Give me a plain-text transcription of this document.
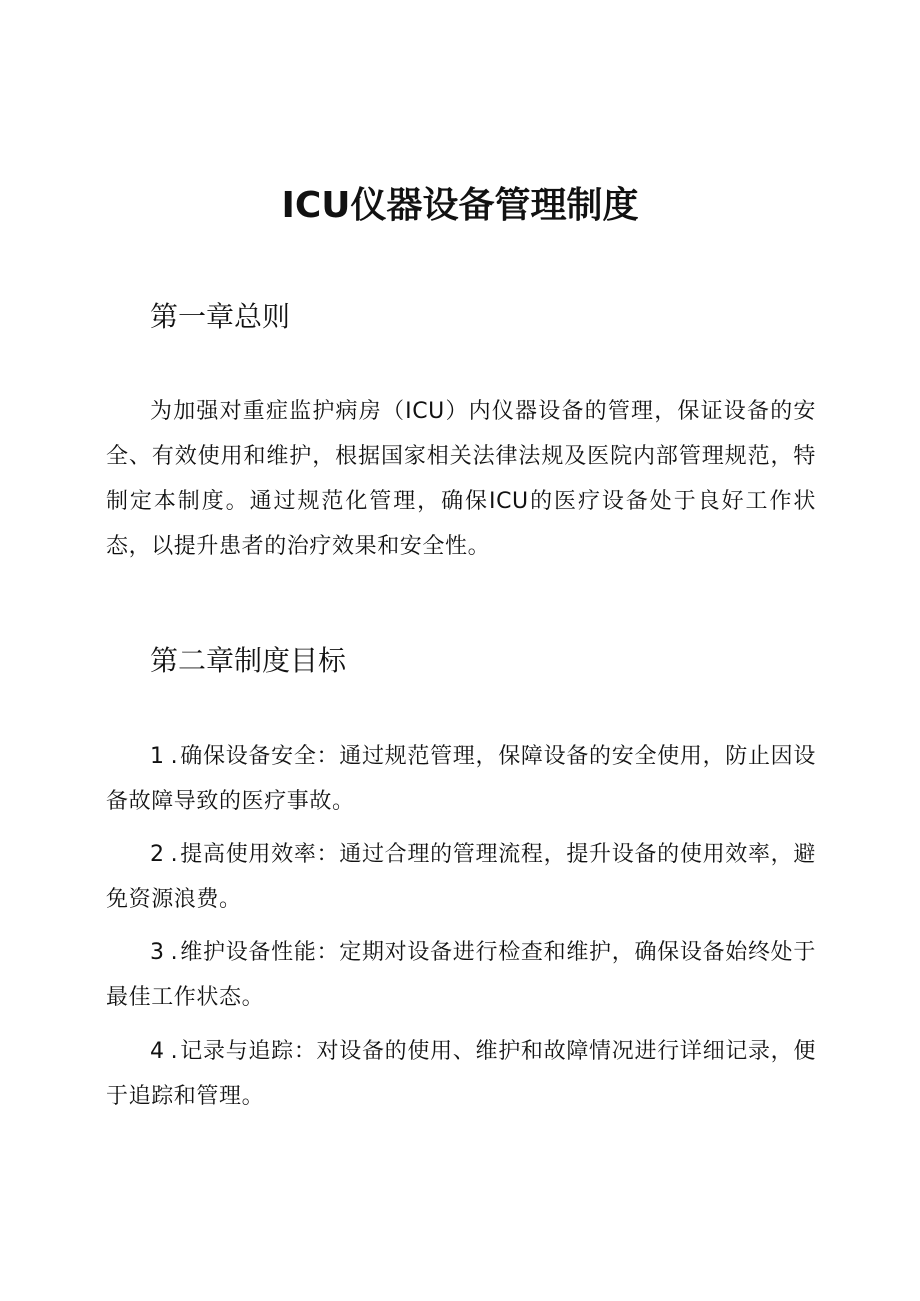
ICU仪器设备管理制度
第一章总则

为加强对重症监护病房（ICU）内仪器设备的管理，保证设备的安全、有效使用和维护，根据国家相关法律法规及医院内部管理规范，特制定本制度。通过规范化管理，确保ICU的医疗设备处于良好工作状态，以提升患者的治疗效果和安全性。

第二章制度目标

1 .确保设备安全：通过规范管理，保障设备的安全使用，防止因设备故障导致的医疗事故。

2 .提高使用效率：通过合理的管理流程，提升设备的使用效率，避免资源浪费。

3 .维护设备性能：定期对设备进行检查和维护，确保设备始终处于最佳工作状态。

4 .记录与追踪：对设备的使用、维护和故障情况进行详细记录，便于追踪和管理。
